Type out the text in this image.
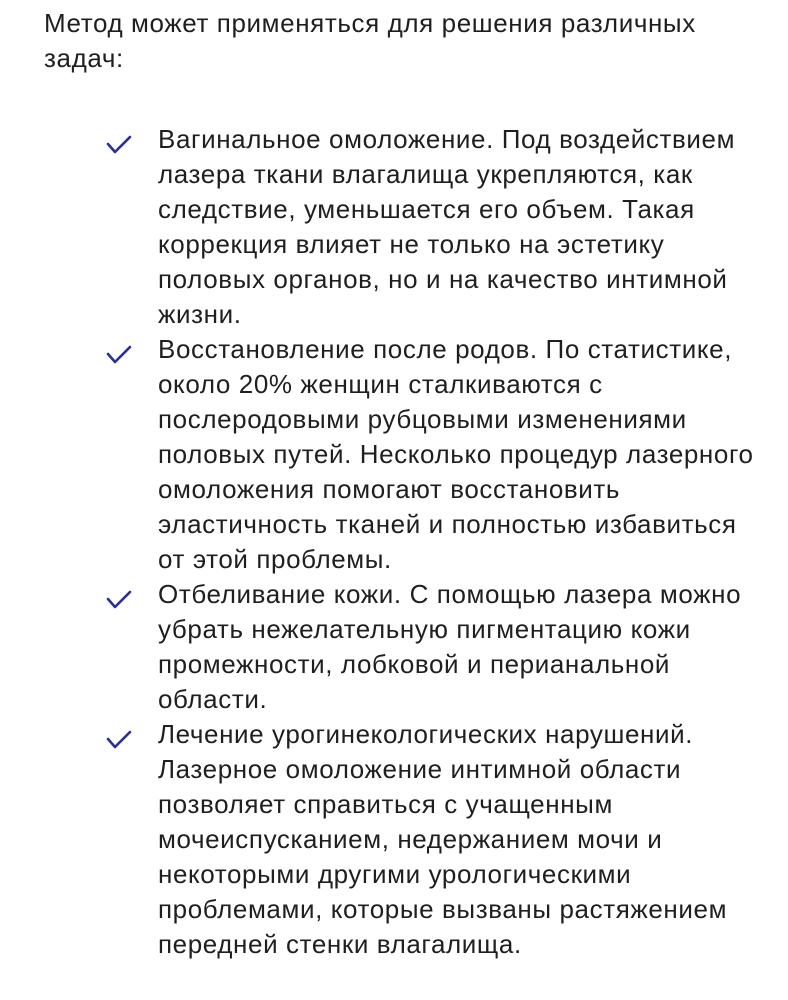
Метод может применяться для решения различных задач:

Вагинальное омоложение. Под воздействием лазера ткани влагалища укрепляются, как следствие, уменьшается его объем. Такая коррекция влияет не только на эстетику половых органов, но и на качество интимной жизни.
Восстановление после родов. По статистике, около 20% женщин сталкиваются с послеродовыми рубцовыми изменениями половых путей. Несколько процедур лазерного омоложения помогают восстановить эластичность тканей и полностью избавиться от этой проблемы.
Отбеливание кожи. С помощью лазера можно убрать нежелательную пигментацию кожи промежности, лобковой и перианальной области.
Лечение урогинекологических нарушений. Лазерное омоложение интимной области позволяет справиться с учащенным мочеиспусканием, недержанием мочи и некоторыми другими урологическими проблемами, которые вызваны растяжением передней стенки влагалища.
